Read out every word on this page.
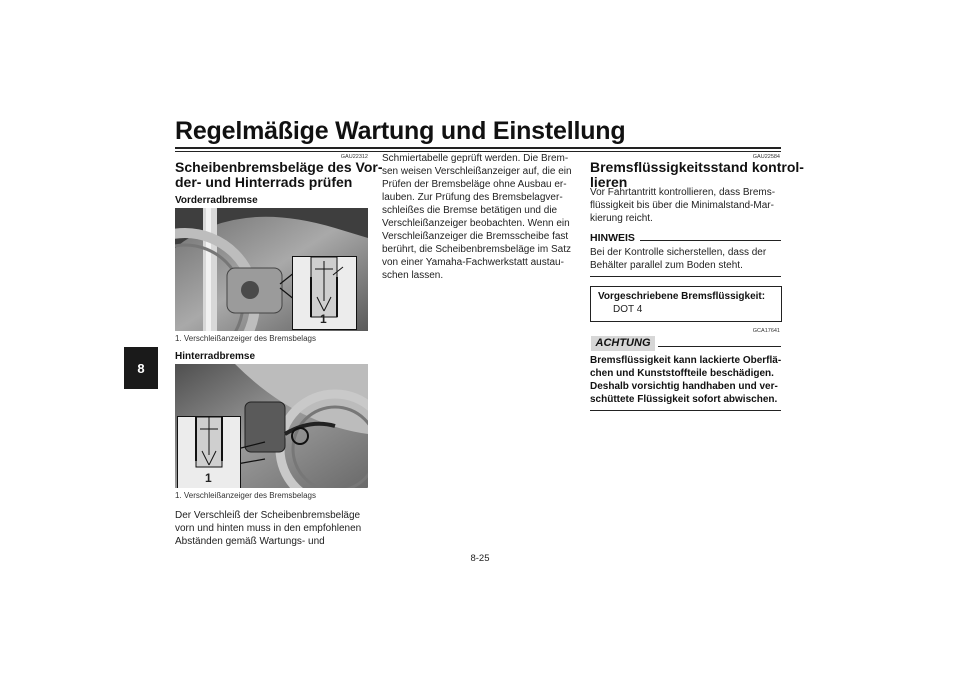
Regelmäßige Wartung und Einstellung
8
GAU22312
Scheibenbremsbeläge des Vor-
der- und Hinterrads prüfen
Vorderradbremse
1
1. Verschleißanzeiger des Bremsbelags
Hinterradbremse
1
1. Verschleißanzeiger des Bremsbelags
Der Verschleiß der Scheibenbremsbeläge
vorn und hinten muss in den empfohlenen
Abständen gemäß Wartungs- und
Schmiertabelle geprüft werden. Die Brem-
sen weisen Verschleißanzeiger auf, die ein
Prüfen der Bremsbeläge ohne Ausbau er-
lauben. Zur Prüfung des Bremsbelagver-
schleißes die Bremse betätigen und die
Verschleißanzeiger beobachten. Wenn ein
Verschleißanzeiger die Bremsscheibe fast
berührt, die Scheibenbremsbeläge im Satz
von einer Yamaha-Fachwerkstatt austau-
schen lassen.
GAU22584
Bremsflüssigkeitsstand kontrol-
lieren
Vor Fahrtantritt kontrollieren, dass Brems-
flüssigkeit bis über die Minimalstand-Mar-
kierung reicht.
HINWEIS
Bei der Kontrolle sicherstellen, dass der
Behälter parallel zum Boden steht.
Vorgeschriebene Bremsflüssigkeit:
DOT 4
GCA17641
ACHTUNG
Bremsflüssigkeit kann lackierte Oberflä-
chen und Kunststoffteile beschädigen.
Deshalb vorsichtig handhaben und ver-
schüttete Flüssigkeit sofort abwischen.
8-25
